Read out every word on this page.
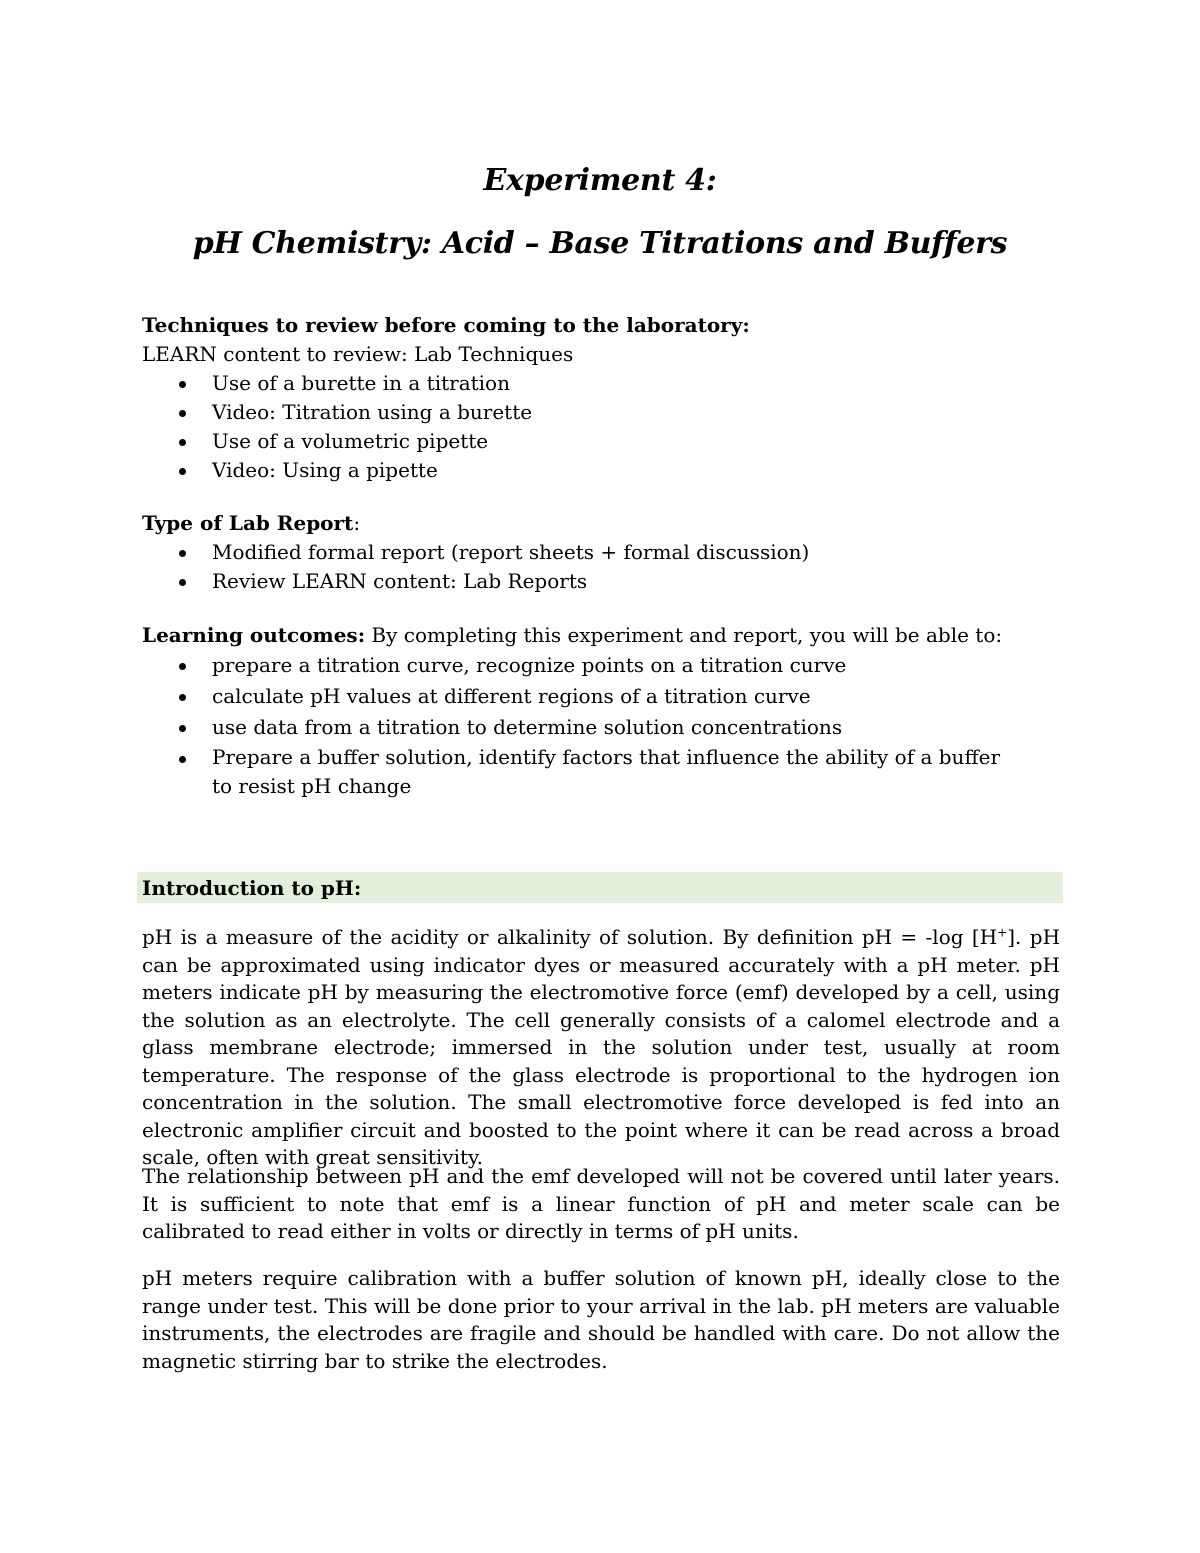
Experiment 4:
pH Chemistry: Acid – Base Titrations and Buffers
Techniques to review before coming to the laboratory:
LEARN content to review: Lab Techniques
Use of a burette in a titration
Video: Titration using a burette
Use of a volumetric pipette
Video: Using a pipette
Type of Lab Report:
Modified formal report (report sheets + formal discussion)
Review LEARN content: Lab Reports
Learning outcomes: By completing this experiment and report, you will be able to:
prepare a titration curve, recognize points on a titration curve
calculate pH values at different regions of a titration curve
use data from a titration to determine solution concentrations
Prepare a buffer solution, identify factors that influence the ability of a buffer to resist pH change
Introduction to pH:

pH is a measure of the acidity or alkalinity of solution. By definition pH = -log [H+]. pH can be approximated using indicator dyes or measured accurately with a pH meter. pH meters indicate pH by measuring the electromotive force (emf) developed by a cell, using the solution as an electrolyte. The cell generally consists of a calomel electrode and a glass membrane electrode; immersed in the solution under test, usually at room temperature. The response of the glass electrode is proportional to the hydrogen ion concentration in the solution. The small electromotive force developed is fed into an electronic amplifier circuit and boosted to the point where it can be read across a broad scale, often with great sensitivity.

The relationship between pH and the emf developed will not be covered until later years. It is sufficient to note that emf is a linear function of pH and meter scale can be calibrated to read either in volts or directly in terms of pH units.

pH meters require calibration with a buffer solution of known pH, ideally close to the range under test. This will be done prior to your arrival in the lab. pH meters are valuable instruments, the electrodes are fragile and should be handled with care. Do not allow the magnetic stirring bar to strike the electrodes.
